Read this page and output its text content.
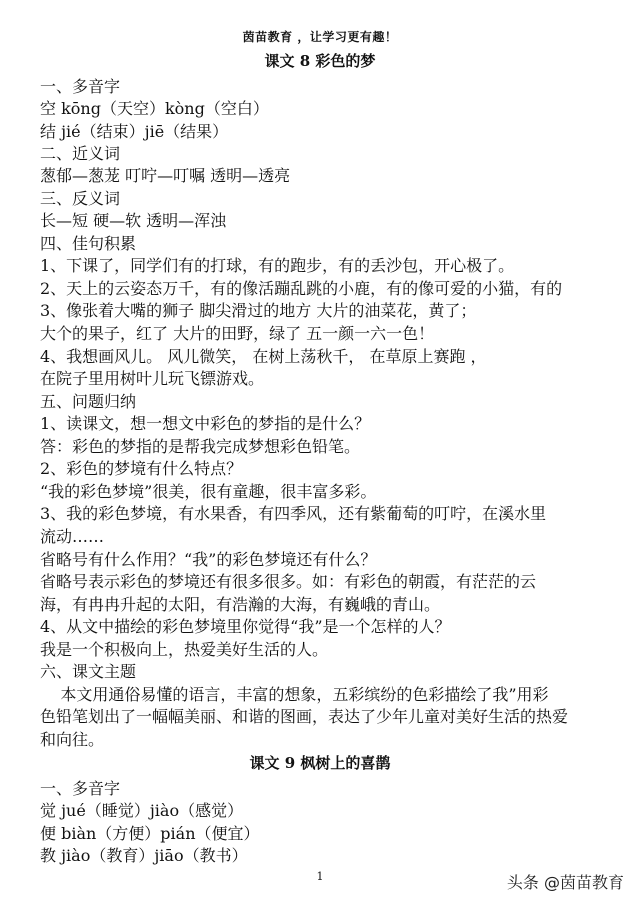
茵苗教育 ，让学习更有趣！
课文 8 彩色的梦
一、多音字
空 kōng（天空）kòng（空白）
结 jié（结束）jiē（结果）
二、近义词
葱郁—葱茏 叮咛—叮嘱 透明—透亮
三、反义词
长—短 硬—软 透明—浑浊
四、佳句积累
1、下课了，同学们有的打球，有的跑步，有的丢沙包，开心极了。
2、天上的云姿态万千，有的像活蹦乱跳的小鹿，有的像可爱的小猫，有的
3、像张着大嘴的狮子 脚尖滑过的地方 大片的油菜花，黄了；
大个的果子，红了 大片的田野，绿了 五一颜一六一色！
4、我想画风儿。 风儿微笑， 在树上荡秋千， 在草原上赛跑 ，
在院子里用树叶儿玩飞镖游戏。
五、问题归纳
1、读课文，想一想文中彩色的梦指的是什么？
答：彩色的梦指的是帮我完成梦想彩色铅笔。
2、彩色的梦境有什么特点？
“我的彩色梦境”很美，很有童趣，很丰富多彩。
3、我的彩色梦境，有水果香，有四季风，还有紫葡萄的叮咛，在溪水里
流动……
省略号有什么作用？“我”的彩色梦境还有什么？
省略号表示彩色的梦境还有很多很多。如：有彩色的朝霞，有茫茫的云
海，有冉冉升起的太阳，有浩瀚的大海，有巍峨的青山。
4、从文中描绘的彩色梦境里你觉得“我”是一个怎样的人？
我是一个积极向上，热爱美好生活的人。
六、课文主题
本文用通俗易懂的语言，丰富的想象，五彩缤纷的色彩描绘了我”用彩
色铅笔划出了一幅幅美丽、和谐的图画，表达了少年儿童对美好生活的热爱
和向往。
课文 9 枫树上的喜鹊
一、多音字
觉 jué（睡觉）jiào（感觉）
便 biàn（方便）pián（便宜）
教 jiào（教育）jiāo（教书）
1	头条 @茵苗教育
